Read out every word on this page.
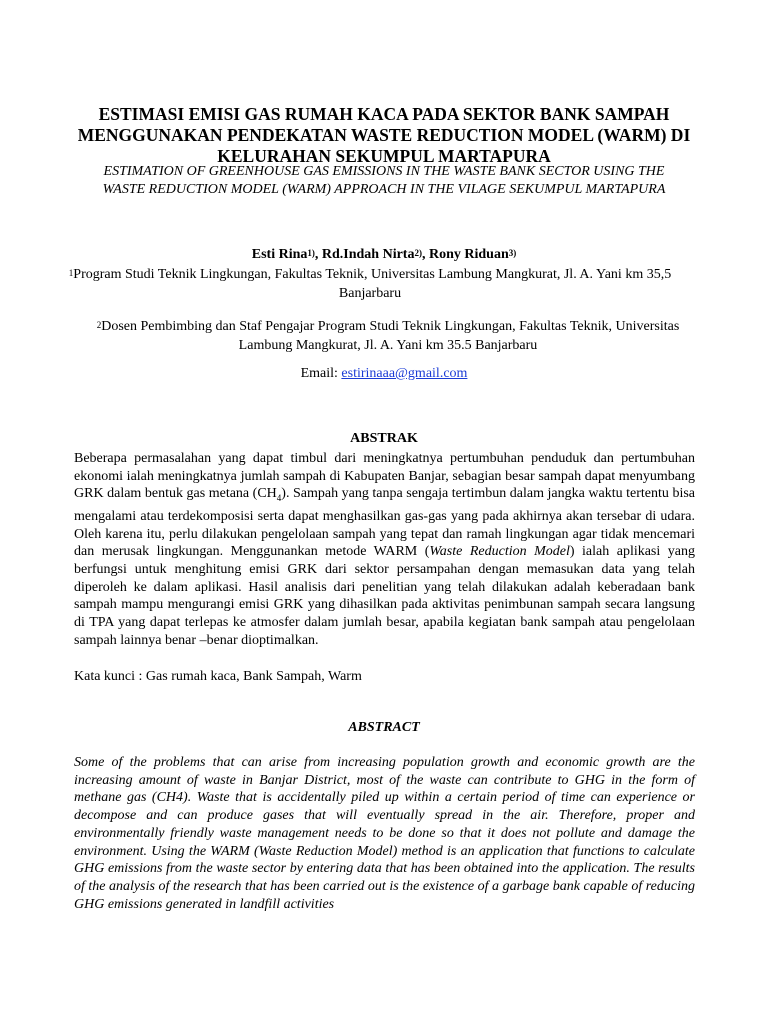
ESTIMASI EMISI GAS RUMAH KACA PADA SEKTOR BANK SAMPAH MENGGUNAKAN PENDEKATAN WASTE REDUCTION MODEL (WARM) DI KELURAHAN SEKUMPUL MARTAPURA
ESTIMATION OF GREENHOUSE GAS EMISSIONS IN THE WASTE BANK SECTOR USING THE WASTE REDUCTION MODEL (WARM) APPROACH IN THE VILAGE SEKUMPUL MARTAPURA
Esti Rina$^{1)}$, Rd.Indah Nirta$^{2)}$, Rony Riduan$^{3)}$
$^1$Program Studi Teknik Lingkungan, Fakultas Teknik, Universitas Lambung Mangkurat, Jl. A. Yani km 35,5 Banjarbaru
$^2$Dosen Pembimbing dan Staf Pengajar Program Studi Teknik Lingkungan, Fakultas Teknik, Universitas Lambung Mangkurat, Jl. A. Yani km 35.5 Banjarbaru
Email: estirinaaa@gmail.com
ABSTRAK
Beberapa permasalahan yang dapat timbul dari meningkatnya pertumbuhan penduduk dan pertumbuhan ekonomi ialah meningkatnya jumlah sampah di Kabupaten Banjar, sebagian besar sampah dapat menyumbang GRK dalam bentuk gas metana $(CH_4)$. Sampah yang tanpa sengaja tertimbun dalam jangka waktu tertentu bisa mengalami atau terdekomposisi serta dapat menghasilkan gas-gas yang pada akhirnya akan tersebar di udara. Oleh karena itu, perlu dilakukan pengelolaan sampah yang tepat dan ramah lingkungan agar tidak mencemari dan merusak lingkungan. Menggunankan metode WARM (Waste Reduction Model) ialah aplikasi yang berfungsi untuk menghitung emisi GRK dari sektor persampahan dengan memasukan data yang telah diperoleh ke dalam aplikasi. Hasil analisis dari penelitian yang telah dilakukan adalah keberadaan bank sampah mampu mengurangi emisi GRK yang dihasilkan pada aktivitas penimbunan sampah secara langsung di TPA yang dapat terlepas ke atmosfer dalam jumlah besar, apabila kegiatan bank sampah atau pengelolaan sampah lainnya benar –benar dioptimalkan.
Kata kunci : Gas rumah kaca, Bank Sampah, Warm
ABSTRACT
Some of the problems that can arise from increasing population growth and economic growth are the increasing amount of waste in Banjar District, most of the waste can contribute to GHG in the form of methane gas (CH4). Waste that is accidentally piled up within a certain period of time can experience or decompose and can produce gases that will eventually spread in the air. Therefore, proper and environmentally friendly waste management needs to be done so that it does not pollute and damage the environment. Using the WARM (Waste Reduction Model) method is an application that functions to calculate GHG emissions from the waste sector by entering data that has been obtained into the application. The results of the analysis of the research that has been carried out is the existence of a garbage bank capable of reducing GHG emissions generated in landfill activities
